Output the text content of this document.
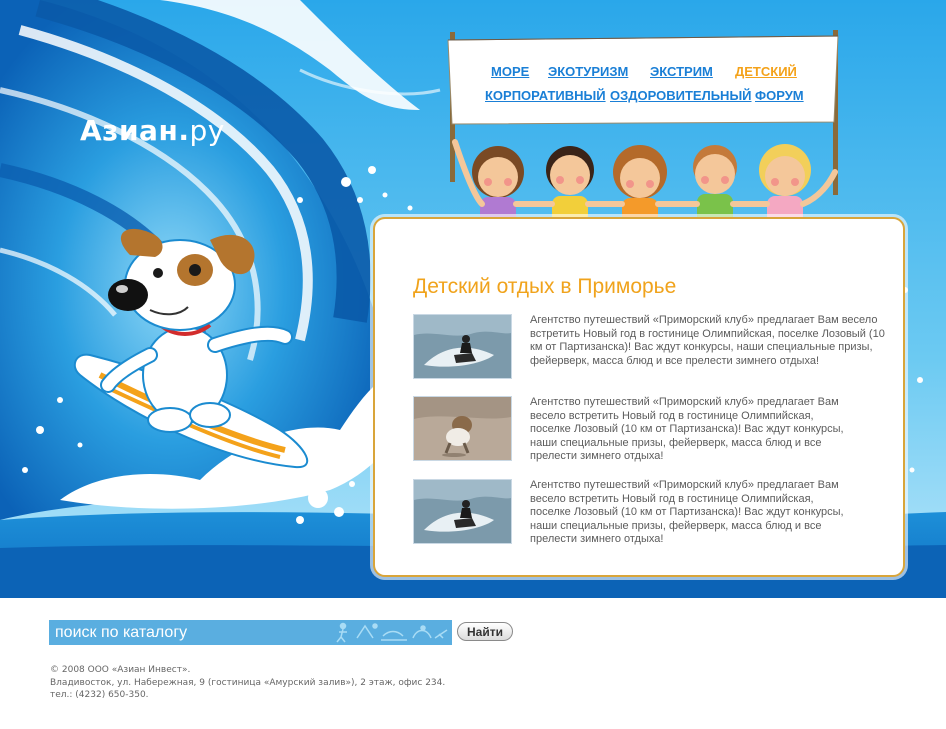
Азиан.ру
МОРЕ ЭКОТУРИЗМ ЭКСТРИМ ДЕТСКИЙ
КОРПОРАТИВНЫЙ ОЗДОРОВИТЕЛЬНЫЙ ФОРУМ
Детский отдых в Приморье
Агентство путешествий «Приморский клуб» предлагает Вам весело встретить Новый год в гостинице Олимпийская, поселке Лозовый (10 км от Партизанска)! Вас ждут конкурсы, наши специальные призы, фейерверк, масса блюд и все прелести зимнего отдыха!
Агентство путешествий «Приморский клуб» предлагает Вам весело встретить Новый год в гостинице Олимпийская, поселке Лозовый (10 км от Партизанска)! Вас ждут конкурсы, наши специальные призы, фейерверк, масса блюд и все прелести зимнего отдыха!
Агентство путешествий «Приморский клуб» предлагает Вам весело встретить Новый год в гостинице Олимпийская, поселке Лозовый (10 км от Партизанска)! Вас ждут конкурсы, наши специальные призы, фейерверк, масса блюд и все прелести зимнего отдыха!
поиск по каталогу
Найти
© 2008 ООО «Азиан Инвест».
Владивосток, ул. Набережная, 9 (гостиница «Амурский залив»), 2 этаж, офис 234.
тел.: (4232) 650-350.
